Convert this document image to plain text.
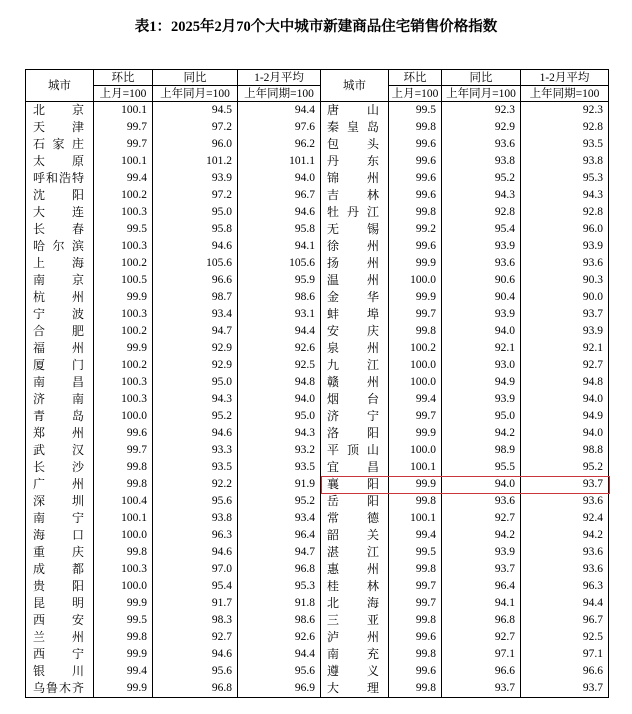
表1：2025年2月70个大中城市新建商品住宅销售价格指数
城市	环比	同比	1-2月平均	城市	环比	同比	1-2月平均
	上月=100	上年同月=100	上年同期=100		上月=100	上年同月=100	上年同期=100
北京	100.1	94.5	94.4	唐山	99.5	92.3	92.3
天津	99.7	97.2	97.6	秦皇岛	99.8	92.9	92.8
石家庄	99.7	96.0	96.2	包头	99.6	93.6	93.5
太原	100.1	101.2	101.1	丹东	99.6	93.8	93.8
呼和浩特	99.4	93.9	94.0	锦州	99.6	95.2	95.3
沈阳	100.2	97.2	96.7	吉林	99.6	94.3	94.3
大连	100.3	95.0	94.6	牡丹江	99.8	92.8	92.8
长春	99.5	95.8	95.8	无锡	99.2	95.4	96.0
哈尔滨	100.3	94.6	94.1	徐州	99.6	93.9	93.9
上海	100.2	105.6	105.6	扬州	99.9	93.6	93.6
南京	100.5	96.6	95.9	温州	100.0	90.6	90.3
杭州	99.9	98.7	98.6	金华	99.9	90.4	90.0
宁波	100.3	93.4	93.1	蚌埠	99.7	93.9	93.7
合肥	100.2	94.7	94.4	安庆	99.8	94.0	93.9
福州	99.9	92.9	92.6	泉州	100.2	92.1	92.1
厦门	100.2	92.9	92.5	九江	100.0	93.0	92.7
南昌	100.3	95.0	94.8	赣州	100.0	94.9	94.8
济南	100.3	94.3	94.0	烟台	99.4	93.9	94.0
青岛	100.0	95.2	95.0	济宁	99.7	95.0	94.9
郑州	99.6	94.6	94.3	洛阳	99.9	94.2	94.0
武汉	99.7	93.3	93.2	平顶山	100.0	98.9	98.8
长沙	99.8	93.5	93.5	宜昌	100.1	95.5	95.2
广州	99.8	92.2	91.9	襄阳	99.9	94.0	93.7
深圳	100.4	95.6	95.2	岳阳	99.8	93.6	93.6
南宁	100.1	93.8	93.4	常德	100.1	92.7	92.4
海口	100.0	96.3	96.4	韶关	99.4	94.2	94.2
重庆	99.8	94.6	94.7	湛江	99.5	93.9	93.6
成都	100.3	97.0	96.8	惠州	99.8	93.7	93.6
贵阳	100.0	95.4	95.3	桂林	99.7	96.4	96.3
昆明	99.9	91.7	91.8	北海	99.7	94.1	94.4
西安	99.5	98.3	98.6	三亚	99.8	96.8	96.7
兰州	99.8	92.7	92.6	泸州	99.6	92.7	92.5
西宁	99.9	94.6	94.4	南充	99.8	97.1	97.1
银川	99.4	95.6	95.6	遵义	99.6	96.6	96.6
乌鲁木齐	99.9	96.8	96.9	大理	99.8	93.7	93.7
